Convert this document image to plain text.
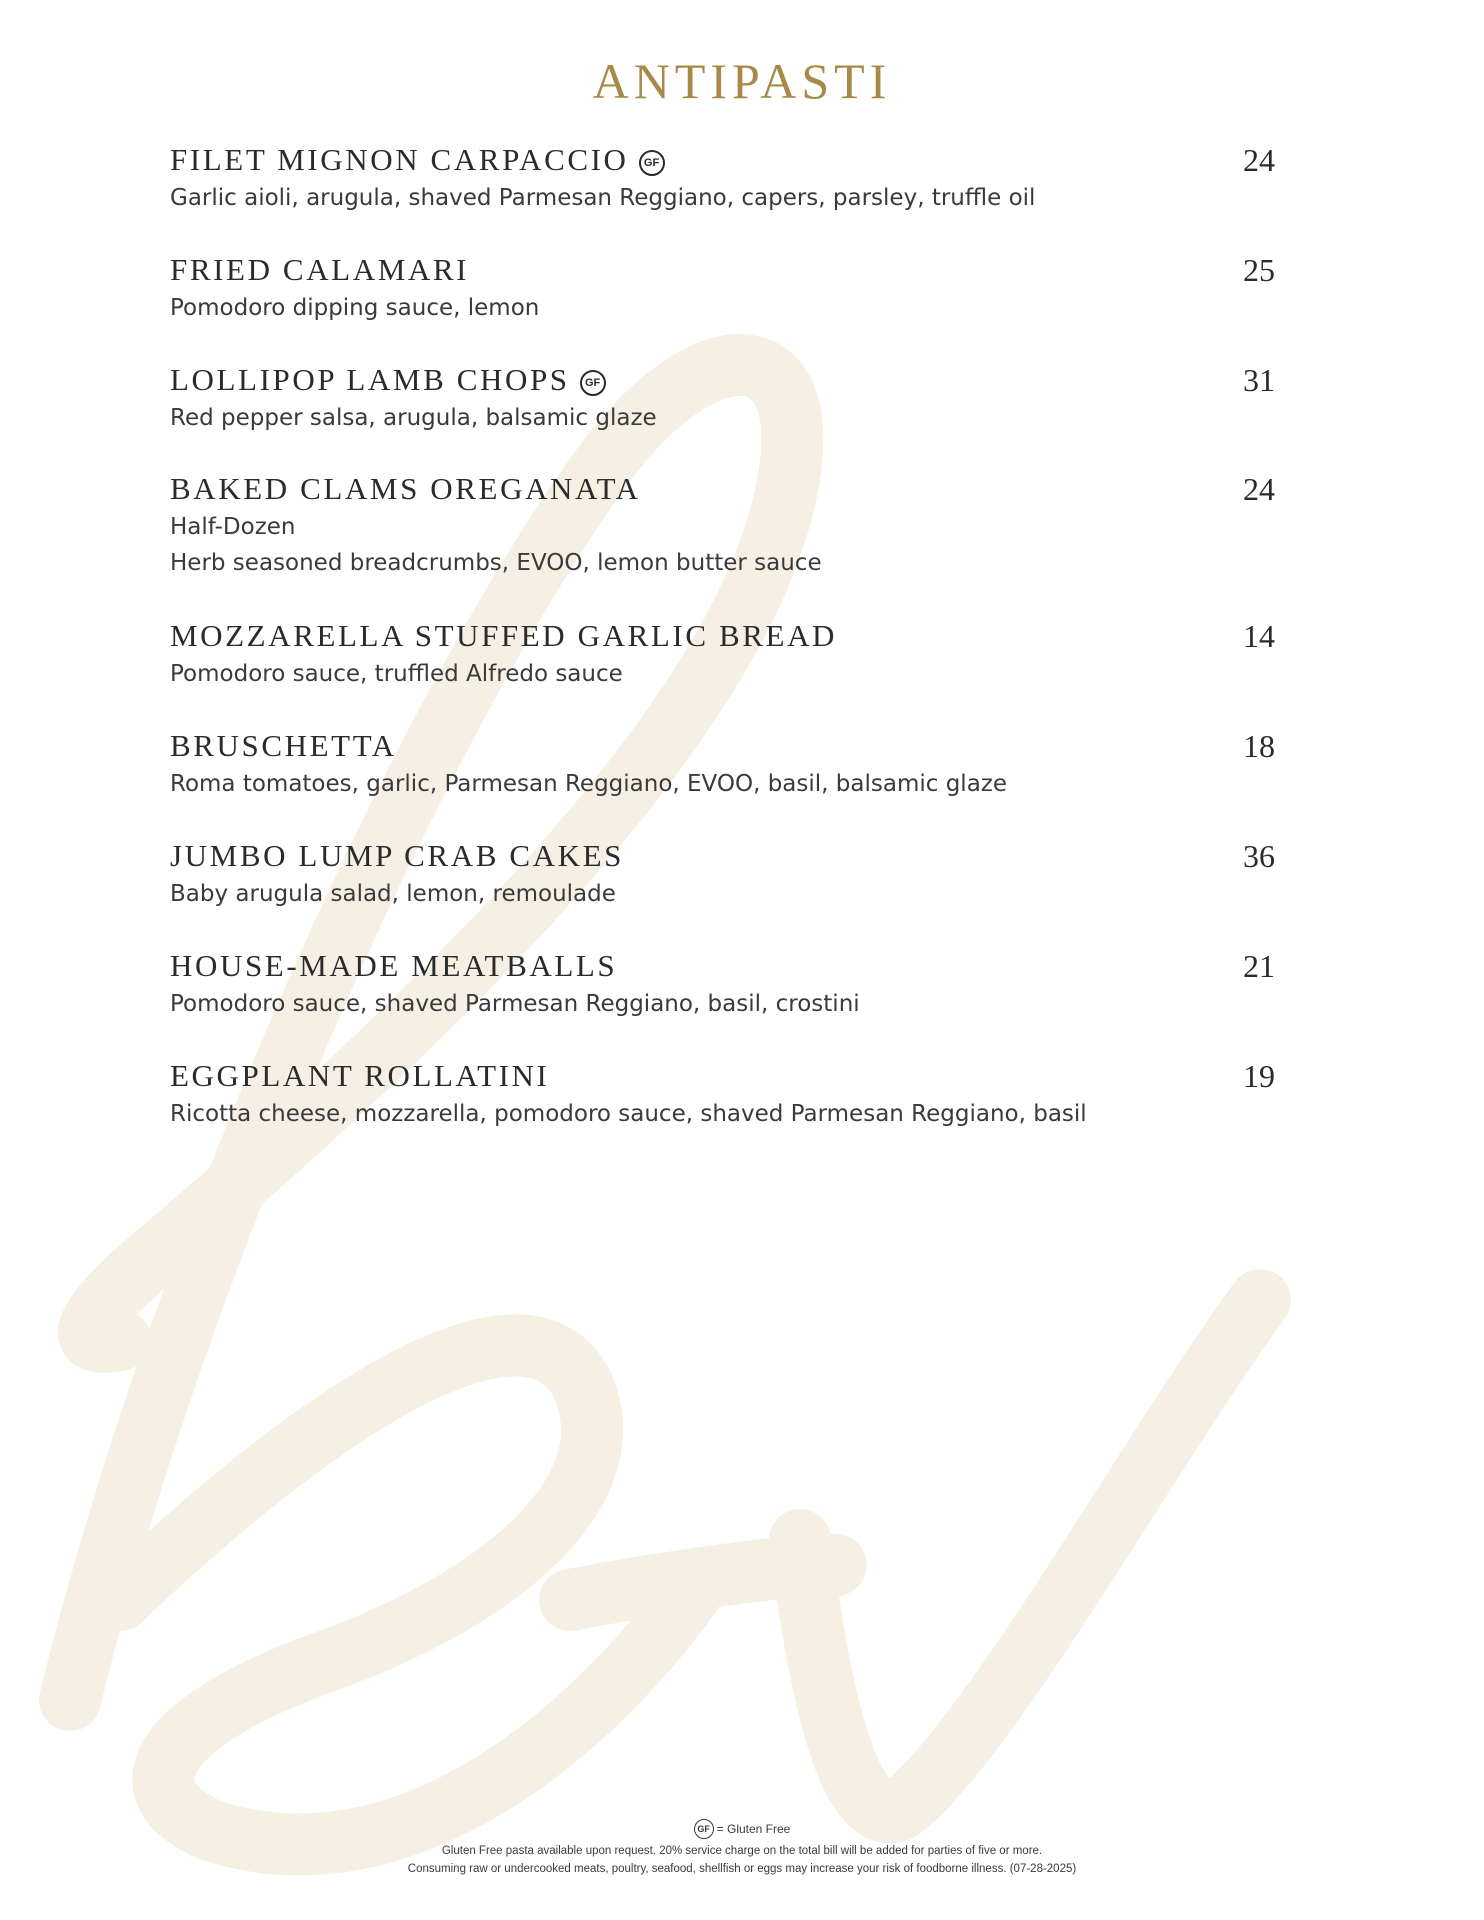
ANTIPASTI
FILET MIGNON CARPACCIO GF	24
Garlic aioli, arugula, shaved Parmesan Reggiano, capers, parsley, truffle oil
FRIED CALAMARI	25
Pomodoro dipping sauce, lemon
LOLLIPOP LAMB CHOPS GF	31
Red pepper salsa, arugula, balsamic glaze
BAKED CLAMS OREGANATA	24
Half-Dozen
Herb seasoned breadcrumbs, EVOO, lemon butter sauce
MOZZARELLA STUFFED GARLIC BREAD	14
Pomodoro sauce, truffled Alfredo sauce
BRUSCHETTA	18
Roma tomatoes, garlic, Parmesan Reggiano, EVOO, basil, balsamic glaze
JUMBO LUMP CRAB CAKES	36
Baby arugula salad, lemon, remoulade
HOUSE-MADE MEATBALLS	21
Pomodoro sauce, shaved Parmesan Reggiano, basil, crostini
EGGPLANT ROLLATINI	19
Ricotta cheese, mozzarella, pomodoro sauce, shaved Parmesan Reggiano, basil
GF = Gluten Free
Gluten Free pasta available upon request. 20% service charge on the total bill will be added for parties of five or more.
Consuming raw or undercooked meats, poultry, seafood, shellfish or eggs may increase your risk of foodborne illness. (07-28-2025)
